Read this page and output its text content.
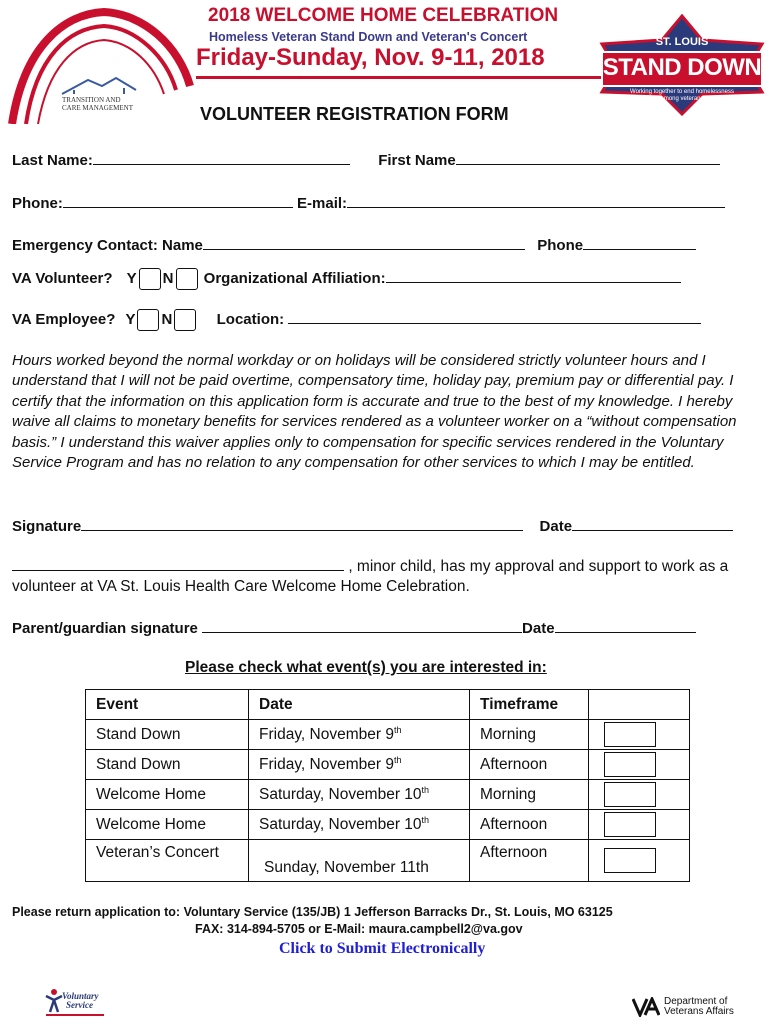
TRANSITION AND
CARE MANAGEMENT
2018 WELCOME HOME CELEBRATION
Homeless Veteran Stand Down and Veteran's Concert
Friday-Sunday, Nov. 9-11, 2018
ST. LOUIS
STAND DOWN
Working together to end homelessness
among veterans
VOLUNTEER REGISTRATION FORM
Last Name:	First Name
Phone:	E-mail:
Emergency Contact: Name	Phone
VA Volunteer? Y N Organizational Affiliation:
VA Employee? Y N	Location:
Hours worked beyond the normal workday or on holidays will be considered strictly volunteer hours and I understand that I will not be paid overtime, compensatory time, holiday pay, premium pay or differential pay. I certify that the information on this application form is accurate and true to the best of my knowledge. I hereby waive all claims to monetary benefits for services rendered as a volunteer worker on a “without compensation basis.” I understand this waiver applies only to compensation for specific services rendered in the Voluntary Service Program and has no relation to any compensation for other services to which I may be entitled.
Signature	Date
, minor child, has my approval and support to work as a volunteer at VA St. Louis Health Care Welcome Home Celebration.
Parent/guardian signature	Date
Please check what event(s) you are interested in:
Event	Date	Timeframe	
Stand Down	Friday, November 9th	Morning	

Stand Down	Friday, November 9th	Afternoon	

Welcome Home	Saturday, November 10th	Morning	

Welcome Home	Saturday, November 10th	Afternoon	

Veteran’s Concert	Sunday, November 11th	Afternoon	
Please return application to: Voluntary Service (135/JB) 1 Jefferson Barracks Dr., St. Louis, MO 63125
FAX: 314-894-5705 or E-Mail: maura.campbell2@va.gov
Click to Submit Electronically
Voluntary
Service	Department of
Veterans Affairs
